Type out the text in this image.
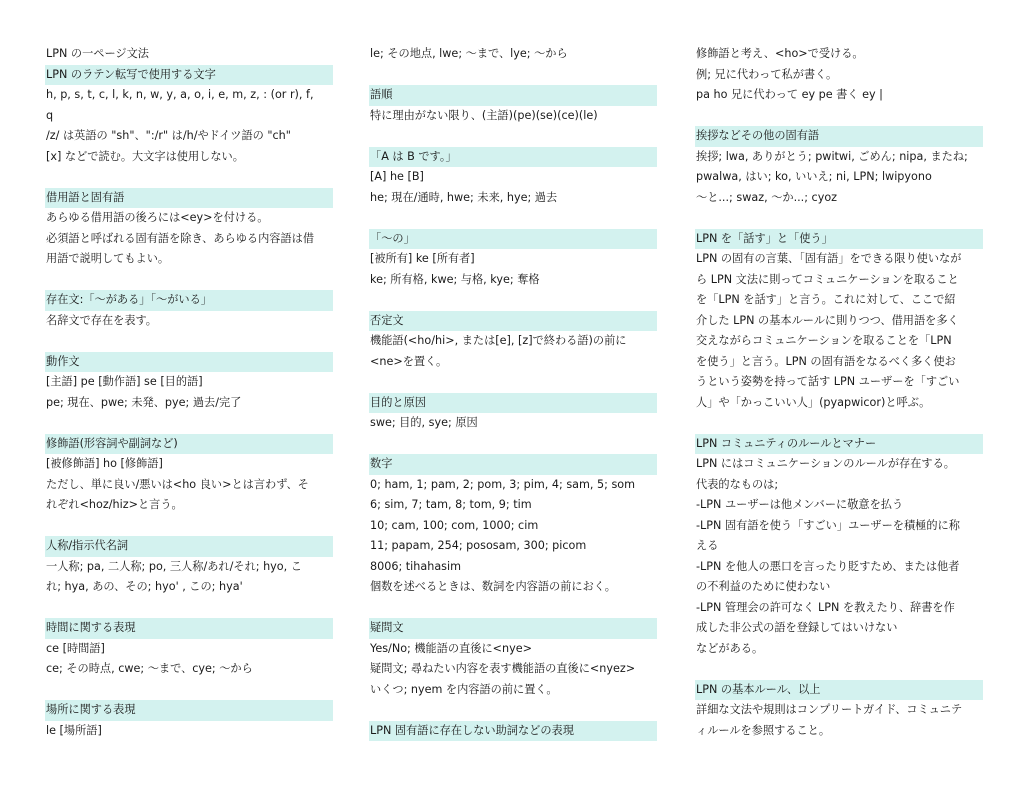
LPN の一ページ文法
LPN のラテン転写で使用する文字
h, p, s, t, c, l, k, n, w, y, a, o, i, e, m, z, : (or r), f,
q
/z/ は英語の "sh"、":/r" は/h/やドイツ語の "ch"
[x] などで読む。大文字は使用しない。
借用語と固有語
あらゆる借用語の後ろには<ey>を付ける。
必須語と呼ばれる固有語を除き、あらゆる内容語は借
用語で説明してもよい。
存在文:「～がある」「～がいる」
名辞文で存在を表す。
動作文
[主語] pe [動作語] se [目的語]
pe; 現在、pwe; 未発、pye; 過去/完了
修飾語(形容詞や副詞など)
[被修飾語] ho [修飾語]
ただし、単に良い/悪いは<ho 良い>とは言わず、そ
れぞれ<hoz/hiz>と言う。
人称/指示代名詞
一人称; pa, 二人称; po, 三人称/あれ/それ; hyo, こ
れ; hya, あの、その; hyo' , この; hya'
時間に関する表現
ce [時間語]
ce; その時点, cwe; ～まで、cye; ～から
場所に関する表現
le [場所語]
le; その地点, lwe; ～まで、lye; ～から
語順
特に理由がない限り、(主語)(pe)(se)(ce)(le)
「A は B です。」
[A] he [B]
he; 現在/通時, hwe; 未来, hye; 過去
「～の」
[被所有] ke [所有者]
ke; 所有格, kwe; 与格, kye; 奪格
否定文
機能語(<ho/hi>, または[e], [z]で終わる語)の前に
<ne>を置く。
目的と原因
swe; 目的, sye; 原因
数字
0; ham, 1; pam, 2; pom, 3; pim, 4; sam, 5; som
6; sim, 7; tam, 8; tom, 9; tim
10; cam, 100; com, 1000; cim
11; papam, 254; pososam, 300; picom
8006; tihahasim
個数を述べるときは、数詞を内容語の前におく。
疑問文
Yes/No; 機能語の直後に<nye>
疑問文; 尋ねたい内容を表す機能語の直後に<nyez>
いくつ; nyem を内容語の前に置く。
LPN 固有語に存在しない助詞などの表現
修飾語と考え、<ho>で受ける。
例; 兄に代わって私が書く。
pa ho 兄に代わって ey pe 書く ey |
挨拶などその他の固有語
挨拶; lwa, ありがとう; pwitwi, ごめん; nipa, またね;
pwalwa, はい; ko, いいえ; ni, LPN; lwipyono
～と...; swaz, ～か...; cyoz
LPN を「話す」と「使う」
LPN の固有の言葉、「固有語」をできる限り使いなが
ら LPN 文法に則ってコミュニケーションを取ること
を「LPN を話す」と言う。これに対して、ここで紹
介した LPN の基本ルールに則りつつ、借用語を多く
交えながらコミュニケーションを取ることを「LPN
を使う」と言う。LPN の固有語をなるべく多く使お
うという姿勢を持って話す LPN ユーザーを「すごい
人」や「かっこいい人」(pyapwicor)と呼ぶ。
LPN コミュニティのルールとマナー
LPN にはコミュニケーションのルールが存在する。
代表的なものは;
-LPN ユーザーは他メンバーに敬意を払う
-LPN 固有語を使う「すごい」ユーザーを積極的に称
える
-LPN を他人の悪口を言ったり貶すため、または他者
の不利益のために使わない
-LPN 管理会の許可なく LPN を教えたり、辞書を作
成した非公式の語を登録してはいけない
などがある。
LPN の基本ルール、以上
詳細な文法や規則はコンプリートガイド、コミュニテ
ィルールを参照すること。
